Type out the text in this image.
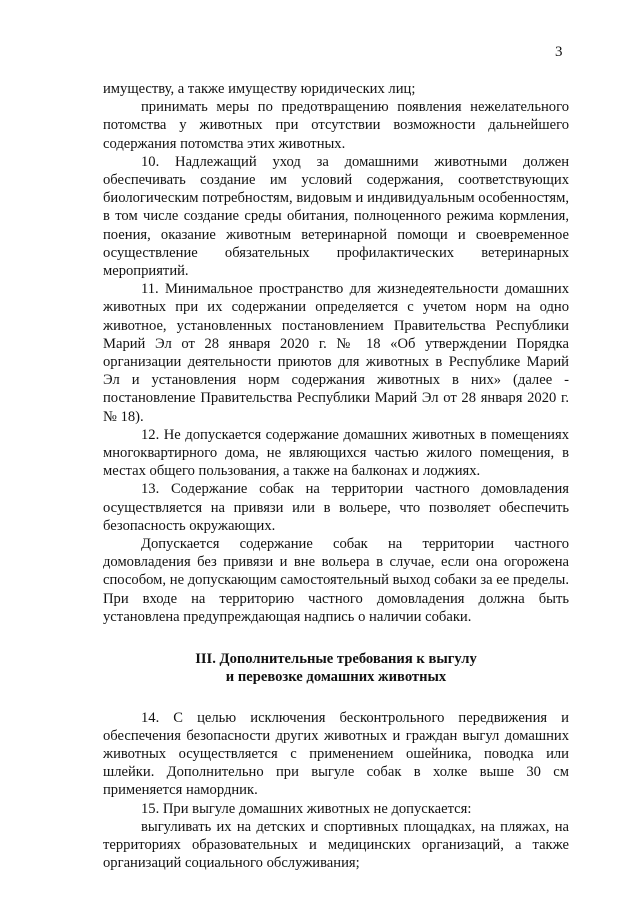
3

имуществу, а также имуществу юридических лиц;

принимать меры по предотвращению появления нежелательного потомства у животных при отсутствии возможности дальнейшего содержания потомства этих животных.

10. Надлежащий уход за домашними животными должен обеспечивать создание им условий содержания, соответствующих биологическим потребностям, видовым и индивидуальным особенностям, в том числе создание среды обитания, полноценного режима кормления, поения, оказание животным ветеринарной помощи и своевременное осуществление обязательных профилактических ветеринарных мероприятий.

11. Минимальное пространство для жизнедеятельности домашних животных при их содержании определяется с учетом норм на одно животное, установленных постановлением Правительства Республики Марий Эл от 28 января 2020 г. № 18 «Об утверждении Порядка организации деятельности приютов для животных в Республике Марий Эл и установления норм содержания животных в них» (далее - постановление Правительства Республики Марий Эл от 28 января 2020 г. № 18).

12. Не допускается содержание домашних животных в помещениях многоквартирного дома, не являющихся частью жилого помещения, в местах общего пользования, а также на балконах и лоджиях.

13. Содержание собак на территории частного домовладения осуществляется на привязи или в вольере, что позволяет обеспечить безопасность окружающих.

Допускается содержание собак на территории частного домовладения без привязи и вне вольера в случае, если она огорожена способом, не допускающим самостоятельный выход собаки за ее пределы. При входе на территорию частного домовладения должна быть установлена предупреждающая надпись о наличии собаки.

III. Дополнительные требования к выгулу
и перевозке домашних животных

14. С целью исключения бесконтрольного передвижения и обеспечения безопасности других животных и граждан выгул домашних животных осуществляется с применением ошейника, поводка или шлейки. Дополнительно при выгуле собак в холке выше 30 см применяется намордник.

15. При выгуле домашних животных не допускается:

выгуливать их на детских и спортивных площадках, на пляжах, на территориях образовательных и медицинских организаций, а также организаций социального обслуживания;
